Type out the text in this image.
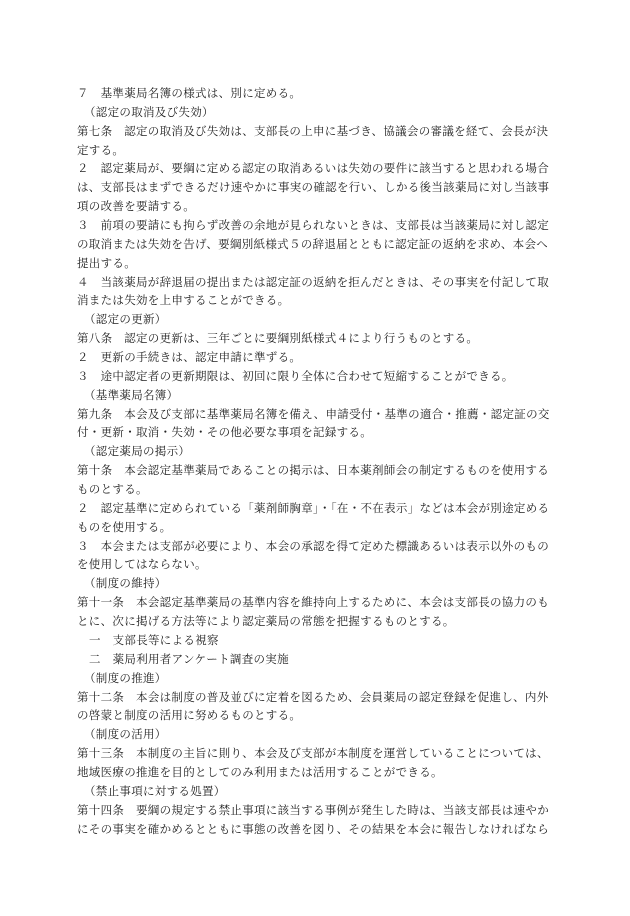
７　基準薬局名簿の様式は、別に定める。
（認定の取消及び失効）
第七条　認定の取消及び失効は、支部長の上申に基づき、協議会の審議を経て、会長が決
定する。
２　認定薬局が、要綱に定める認定の取消あるいは失効の要件に該当すると思われる場合
は、支部長はまずできるだけ速やかに事実の確認を行い、しかる後当該薬局に対し当該事
項の改善を要請する。
３　前項の要請にも拘らず改善の余地が見られないときは、支部長は当該薬局に対し認定
の取消または失効を告げ、要綱別紙様式５の辞退届とともに認定証の返納を求め、本会へ
提出する。
４　当該薬局が辞退届の提出または認定証の返納を拒んだときは、その事実を付記して取
消または失効を上申することができる。
（認定の更新）
第八条　認定の更新は、三年ごとに要綱別紙様式４により行うものとする。
２　更新の手続きは、認定申請に準ずる。
３　途中認定者の更新期限は、初回に限り全体に合わせて短縮することができる。
（基準薬局名簿）
第九条　本会及び支部に基準薬局名簿を備え、申請受付・基準の適合・推薦・認定証の交
付・更新・取消・失効・その他必要な事項を記録する。
（認定薬局の掲示）
第十条　本会認定基準薬局であることの掲示は、日本薬剤師会の制定するものを使用する
ものとする。
２　認定基準に定められている「薬剤師胸章」・「在・不在表示」などは本会が別途定める
ものを使用する。
３　本会または支部が必要により、本会の承認を得て定めた標識あるいは表示以外のもの
を使用してはならない。
（制度の維持）
第十一条　本会認定基準薬局の基準内容を維持向上するために、本会は支部長の協力のも
とに、次に掲げる方法等により認定薬局の常態を把握するものとする。
一　支部長等による視察
二　薬局利用者アンケート調査の実施
（制度の推進）
第十二条　本会は制度の普及並びに定着を図るため、会員薬局の認定登録を促進し、内外
の啓蒙と制度の活用に努めるものとする。
（制度の活用）
第十三条　本制度の主旨に則り、本会及び支部が本制度を運営していることについては、
地域医療の推進を目的としてのみ利用または活用することができる。
（禁止事項に対する処置）
第十四条　要綱の規定する禁止事項に該当する事例が発生した時は、当該支部長は速やか
にその事実を確かめるとともに事態の改善を図り、その結果を本会に報告しなければなら
